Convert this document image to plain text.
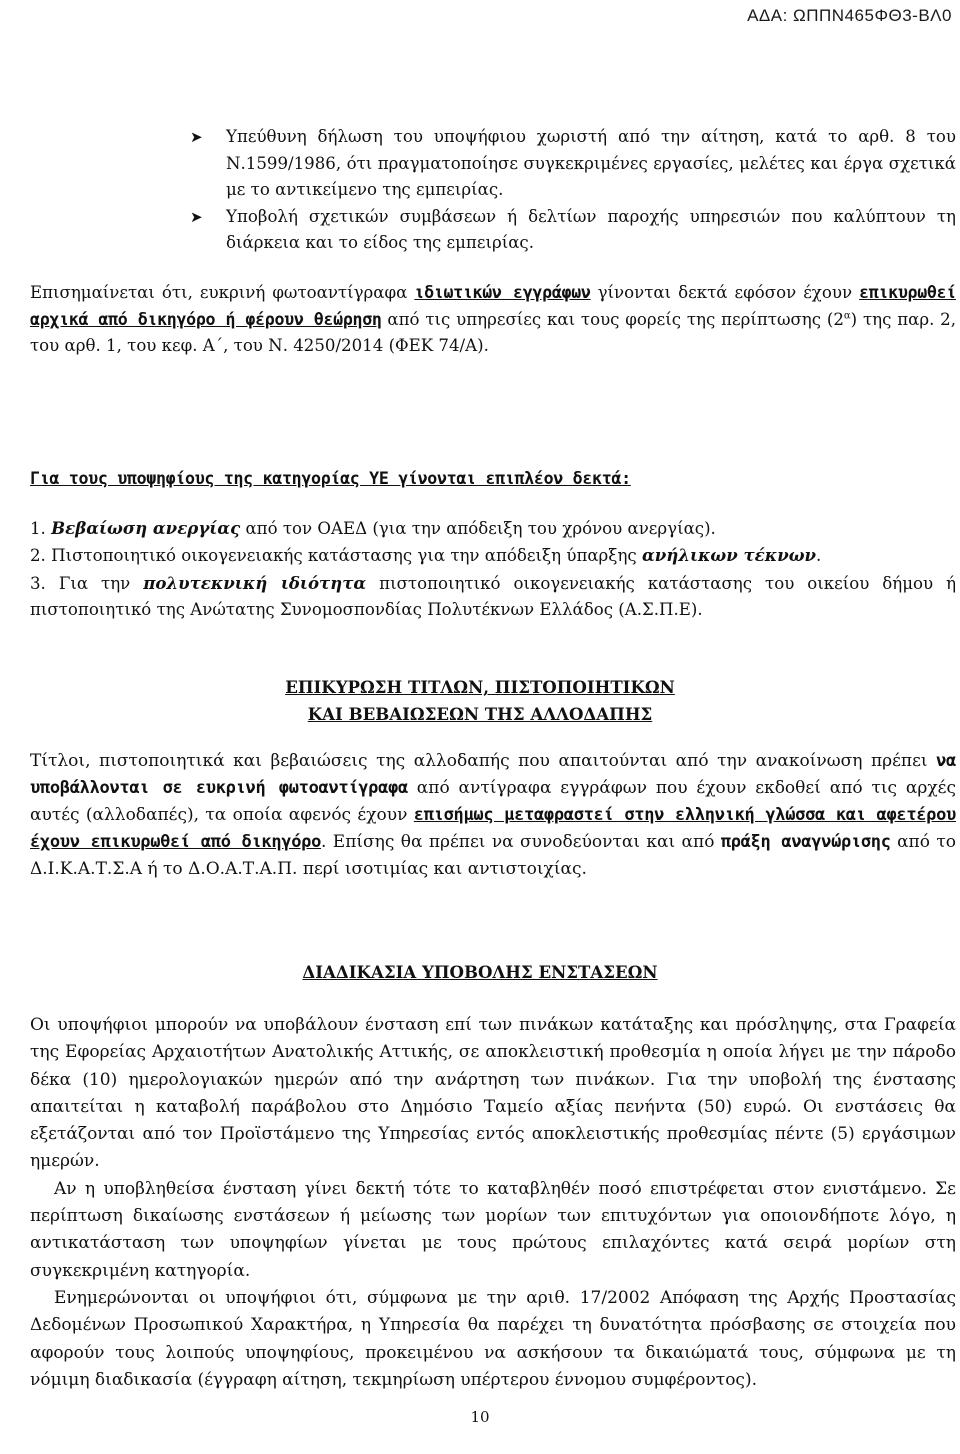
ΑΔΑ: ΩΠΠΝ465ΦΘ3-ΒΛ0
➤ Υπεύθυνη δήλωση του υποψήφιου χωριστή από την αίτηση, κατά το αρθ. 8 του Ν.1599/1986, ότι πραγματοποίησε συγκεκριμένες εργασίες, μελέτες και έργα σχετικά με το αντικείμενο της εμπειρίας.
➤ Υποβολή σχετικών συμβάσεων ή δελτίων παροχής υπηρεσιών που καλύπτουν τη διάρκεια και το είδος της εμπειρίας.
Επισημαίνεται ότι, ευκρινή φωτοαντίγραφα ιδιωτικών εγγράφων γίνονται δεκτά εφόσον έχουν επικυρωθεί αρχικά από δικηγόρο ή φέρουν θεώρηση από τις υπηρεσίες και τους φορείς της περίπτωσης $(2^\alpha)$ της παρ. 2, του αρθ. 1, του κεφ. Α΄, του Ν. 4250/2014 (ΦΕΚ 74/Α).
Για τους υποψηφίους της κατηγορίας ΥΕ γίνονται επιπλέον δεκτά:
1. Βεβαίωση ανεργίας από τον ΟΑΕΔ (για την απόδειξη του χρόνου ανεργίας).
2. Πιστοποιητικό οικογενειακής κατάστασης για την απόδειξη ύπαρξης ανήλικων τέκνων.
3. Για την πολυτεκνική ιδιότητα πιστοποιητικό οικογενειακής κατάστασης του οικείου δήμου ή πιστοποιητικό της Ανώτατης Συνομοσπονδίας Πολυτέκνων Ελλάδος (Α.Σ.Π.Ε).
ΕΠΙΚΥΡΩΣΗ ΤΙΤΛΩΝ, ΠΙΣΤΟΠΟΙΗΤΙΚΩΝ
ΚΑΙ ΒΕΒΑΙΩΣΕΩΝ ΤΗΣ ΑΛΛΟΔΑΠΗΣ
Τίτλοι, πιστοποιητικά και βεβαιώσεις της αλλοδαπής που απαιτούνται από την ανακοίνωση πρέπει να υποβάλλονται σε ευκρινή φωτοαντίγραφα από αντίγραφα εγγράφων που έχουν εκδοθεί από τις αρχές αυτές (αλλοδαπές), τα οποία αφενός έχουν επισήμως μεταφραστεί στην ελληνική γλώσσα και αφετέρου έχουν επικυρωθεί από δικηγόρο. Επίσης θα πρέπει να συνοδεύονται και από πράξη αναγνώρισης από το Δ.Ι.Κ.Α.Τ.Σ.Α ή το Δ.Ο.Α.Τ.Α.Π. περί ισοτιμίας και αντιστοιχίας.
ΔΙΑΔΙΚΑΣΙΑ ΥΠΟΒΟΛΗΣ ΕΝΣΤΑΣΕΩΝ
Οι υποψήφιοι μπορούν να υποβάλουν ένσταση επί των πινάκων κατάταξης και πρόσληψης, στα Γραφεία της Εφορείας Αρχαιοτήτων Ανατολικής Αττικής, σε αποκλειστική προθεσμία η οποία λήγει με την πάροδο δέκα (10) ημερολογιακών ημερών από την ανάρτηση των πινάκων. Για την υποβολή της ένστασης απαιτείται η καταβολή παράβολου στο Δημόσιο Ταμείο αξίας πενήντα (50) ευρώ. Οι ενστάσεις θα εξετάζονται από τον Προϊστάμενο της Υπηρεσίας εντός αποκλειστικής προθεσμίας πέντε (5) εργάσιμων ημερών.
Αν η υποβληθείσα ένσταση γίνει δεκτή τότε το καταβληθέν ποσό επιστρέφεται στον ενιστάμενο. Σε περίπτωση δικαίωσης ενστάσεων ή μείωσης των μορίων των επιτυχόντων για οποιονδήποτε λόγο, η αντικατάσταση των υποψηφίων γίνεται με τους πρώτους επιλαχόντες κατά σειρά μορίων στη συγκεκριμένη κατηγορία.
Ενημερώνονται οι υποψήφιοι ότι, σύμφωνα με την αριθ. 17/2002 Απόφαση της Αρχής Προστασίας Δεδομένων Προσωπικού Χαρακτήρα, η Υπηρεσία θα παρέχει τη δυνατότητα πρόσβασης σε στοιχεία που αφορούν τους λοιπούς υποψηφίους, προκειμένου να ασκήσουν τα δικαιώματά τους, σύμφωνα με τη νόμιμη διαδικασία (έγγραφη αίτηση, τεκμηρίωση υπέρτερου έννομου συμφέροντος).
10
